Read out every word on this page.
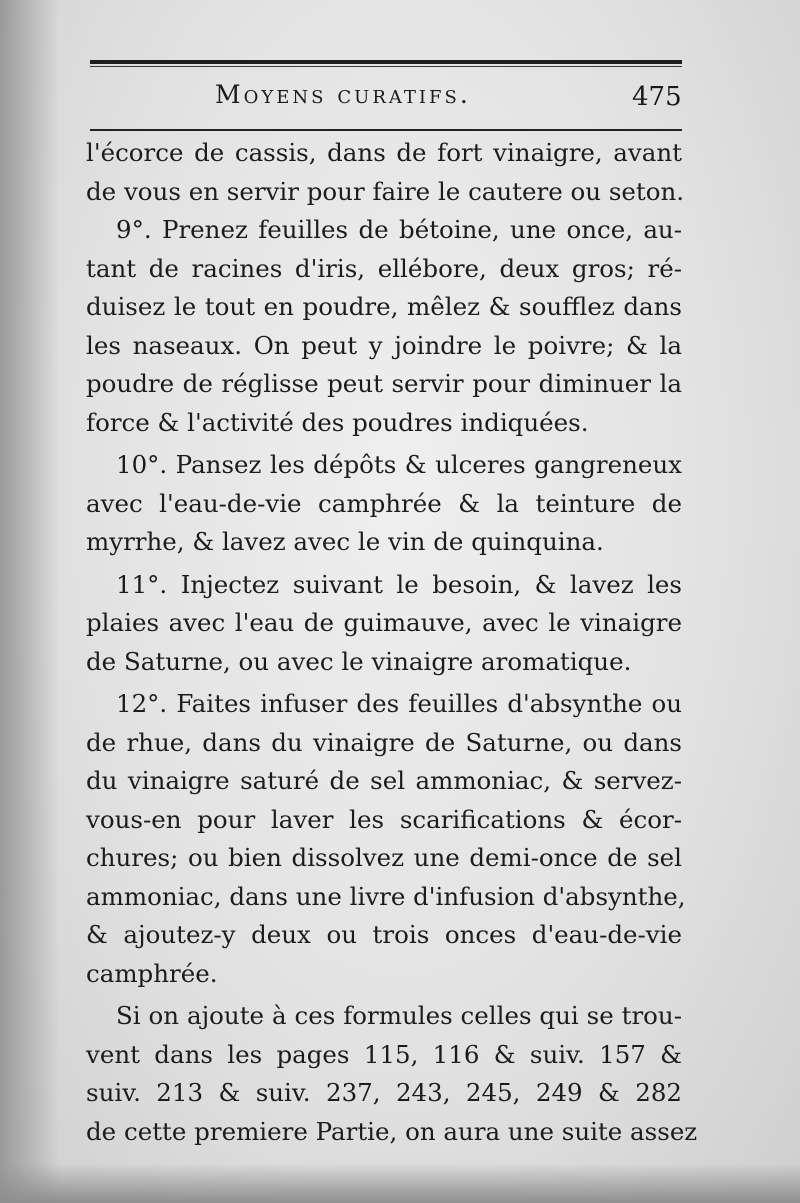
Moyens curatifs.	475
l'écorce de cassis, dans de fort vinaigre, avant
de vous en servir pour faire le cautere ou seton.
9°. Prenez feuilles de bétoine, une once, au-
tant de racines d'iris, ellébore, deux gros; ré-
duisez le tout en poudre, mêlez & soufflez dans
les naseaux. On peut y joindre le poivre; & la
poudre de réglisse peut servir pour diminuer la
force & l'activité des poudres indiquées.
10°. Pansez les dépôts & ulceres gangreneux
avec l'eau-de-vie camphrée & la teinture de
myrrhe, & lavez avec le vin de quinquina.
11°. Injectez suivant le besoin, & lavez les
plaies avec l'eau de guimauve, avec le vinaigre
de Saturne, ou avec le vinaigre aromatique.
12°. Faites infuser des feuilles d'absynthe ou
de rhue, dans du vinaigre de Saturne, ou dans
du vinaigre saturé de sel ammoniac, & servez-
vous-en pour laver les scarifications & écor-
chures; ou bien dissolvez une demi-once de sel
ammoniac, dans une livre d'infusion d'absynthe,
& ajoutez-y deux ou trois onces d'eau-de-vie
camphrée.
Si on ajoute à ces formules celles qui se trou-
vent dans les pages 115, 116 & suiv. 157 &
suiv. 213 & suiv. 237, 243, 245, 249 & 282
de cette premiere Partie, on aura une suite assez
